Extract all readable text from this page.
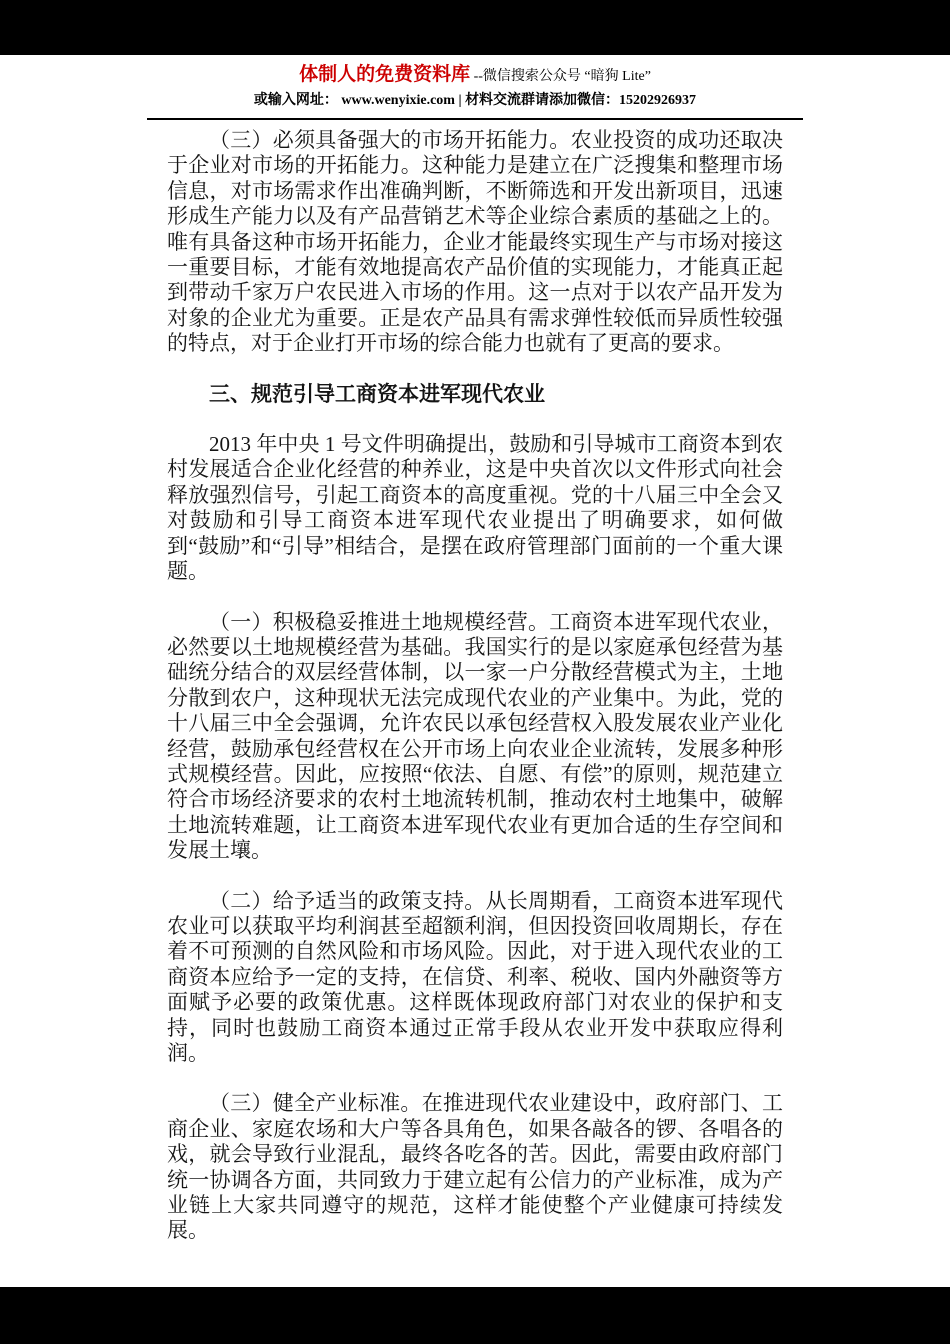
体制人的免费资料库 --微信搜索公众号 “暗狗 Lite”
或输入网址： www.wenyixie.com | 材料交流群请添加微信：15202926937

（三）必须具备强大的市场开拓能力。农业投资的成功还取决于企业对市场的开拓能力。这种能力是建立在广泛搜集和整理市场信息，对市场需求作出准确判断，不断筛选和开发出新项目，迅速形成生产能力以及有产品营销艺术等企业综合素质的基础之上的。唯有具备这种市场开拓能力，企业才能最终实现生产与市场对接这一重要目标，才能有效地提高农产品价值的实现能力，才能真正起到带动千家万户农民进入市场的作用。这一点对于以农产品开发为对象的企业尤为重要。正是农产品具有需求弹性较低而异质性较强的特点，对于企业打开市场的综合能力也就有了更高的要求。

三、规范引导工商资本进军现代农业

2013 年中央 1 号文件明确提出，鼓励和引导城市工商资本到农村发展适合企业化经营的种养业，这是中央首次以文件形式向社会释放强烈信号，引起工商资本的高度重视。党的十八届三中全会又对鼓励和引导工商资本进军现代农业提出了明确要求，如何做到“鼓励”和“引导”相结合，是摆在政府管理部门面前的一个重大课题。

（一）积极稳妥推进土地规模经营。工商资本进军现代农业，必然要以土地规模经营为基础。我国实行的是以家庭承包经营为基础统分结合的双层经营体制，以一家一户分散经营模式为主，土地分散到农户，这种现状无法完成现代农业的产业集中。为此，党的十八届三中全会强调，允许农民以承包经营权入股发展农业产业化经营，鼓励承包经营权在公开市场上向农业企业流转，发展多种形式规模经营。因此，应按照“依法、自愿、有偿”的原则，规范建立符合市场经济要求的农村土地流转机制，推动农村土地集中，破解土地流转难题，让工商资本进军现代农业有更加合适的生存空间和发展土壤。

（二）给予适当的政策支持。从长周期看，工商资本进军现代农业可以获取平均利润甚至超额利润，但因投资回收周期长，存在着不可预测的自然风险和市场风险。因此，对于进入现代农业的工商资本应给予一定的支持，在信贷、利率、税收、国内外融资等方面赋予必要的政策优惠。这样既体现政府部门对农业的保护和支持，同时也鼓励工商资本通过正常手段从农业开发中获取应得利润。

（三）健全产业标准。在推进现代农业建设中，政府部门、工商企业、家庭农场和大户等各具角色，如果各敲各的锣、各唱各的戏，就会导致行业混乱，最终各吃各的苦。因此，需要由政府部门统一协调各方面，共同致力于建立起有公信力的产业标准，成为产业链上大家共同遵守的规范，这样才能使整个产业健康可持续发展。
